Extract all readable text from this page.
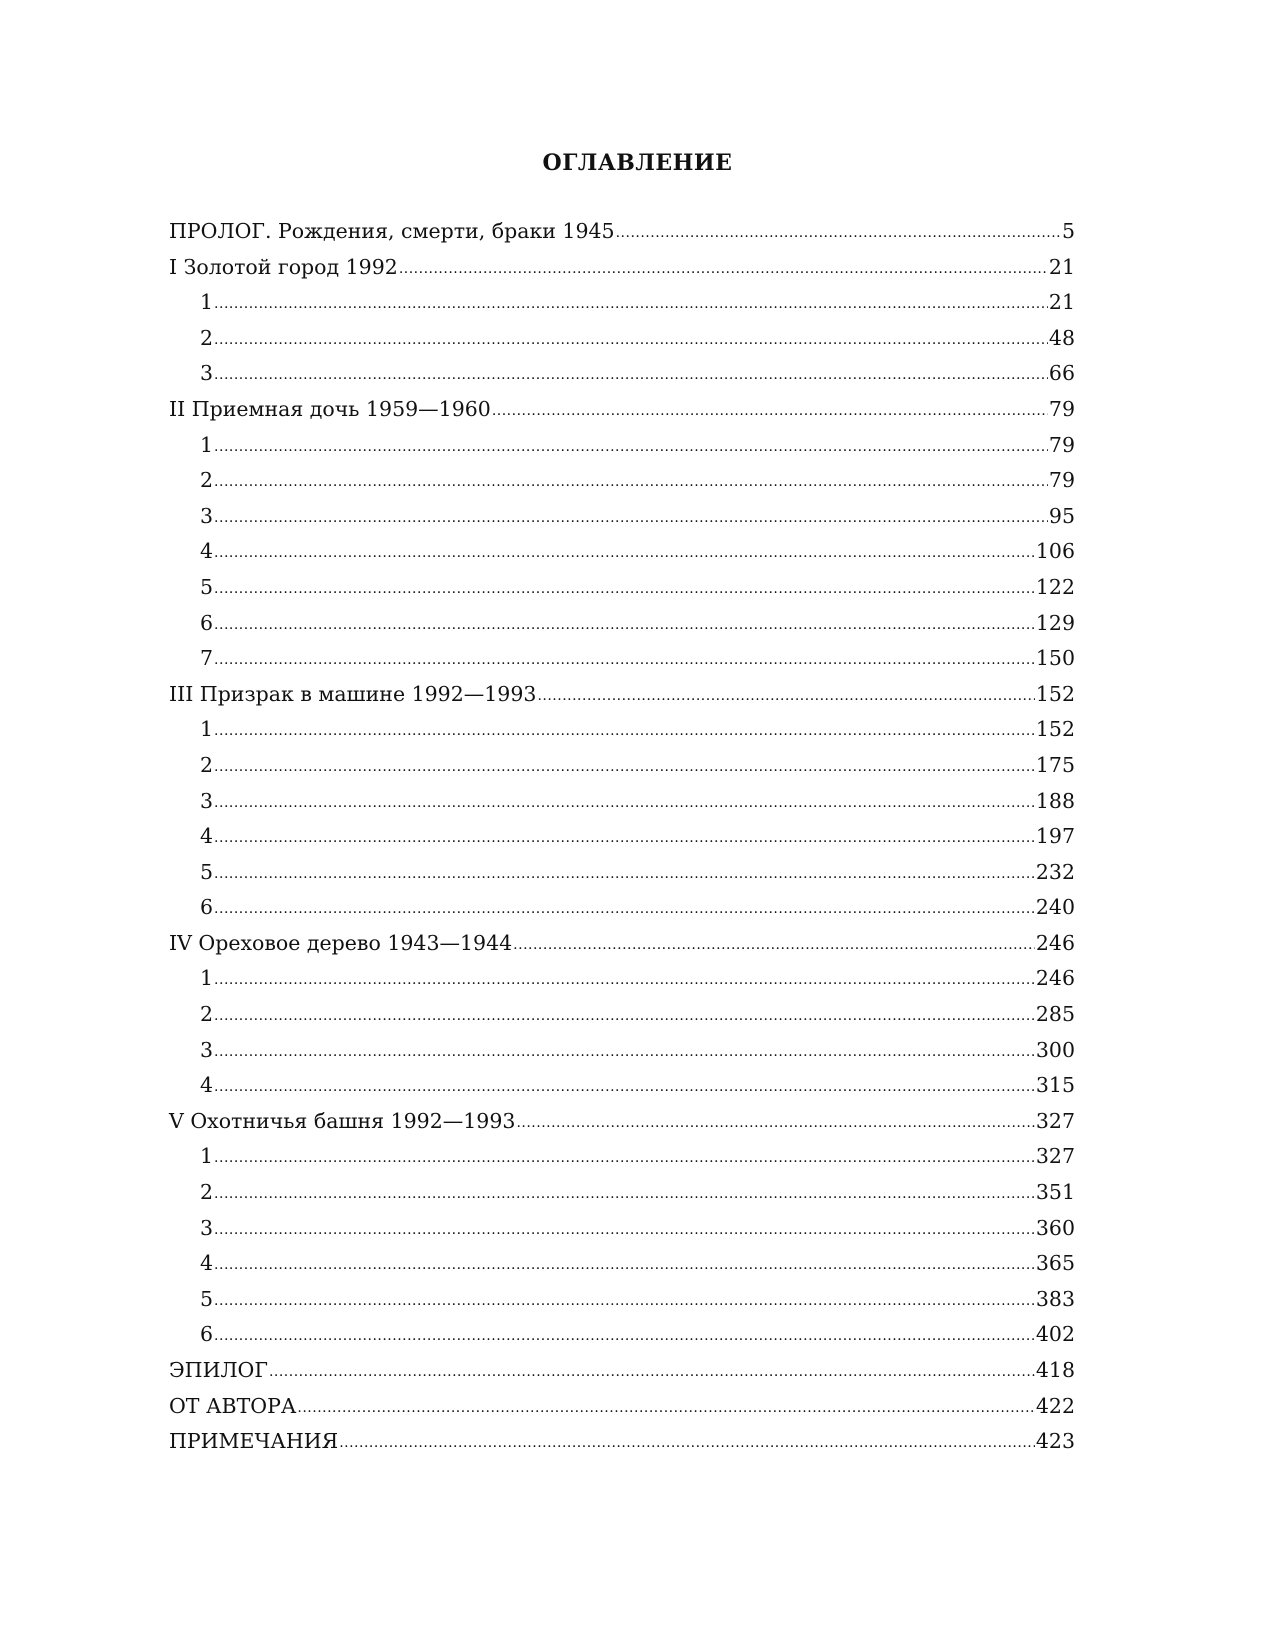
ОГЛАВЛЕНИЕ
ПРОЛОГ. Рождения, смерти, браки 1945 .....	5
I Золотой город 1992 .....	21
1 .....	21
2 .....	48
3 .....	66
II Приемная дочь 1959—1960 .....	79
1 .....	79
2 .....	79
3 .....	95
4 .....	106
5 .....	122
6 .....	129
7 .....	150
III Призрак в машине 1992—1993 .....	152
1 .....	152
2 .....	175
3 .....	188
4 .....	197
5 .....	232
6 .....	240
IV Ореховое дерево 1943—1944 .....	246
1 .....	246
2 .....	285
3 .....	300
4 .....	315
V Охотничья башня 1992—1993 .....	327
1 .....	327
2 .....	351
3 .....	360
4 .....	365
5 .....	383
6 .....	402
ЭПИЛОГ .....	418
ОТ АВТОРА .....	422
ПРИМЕЧАНИЯ .....	423
